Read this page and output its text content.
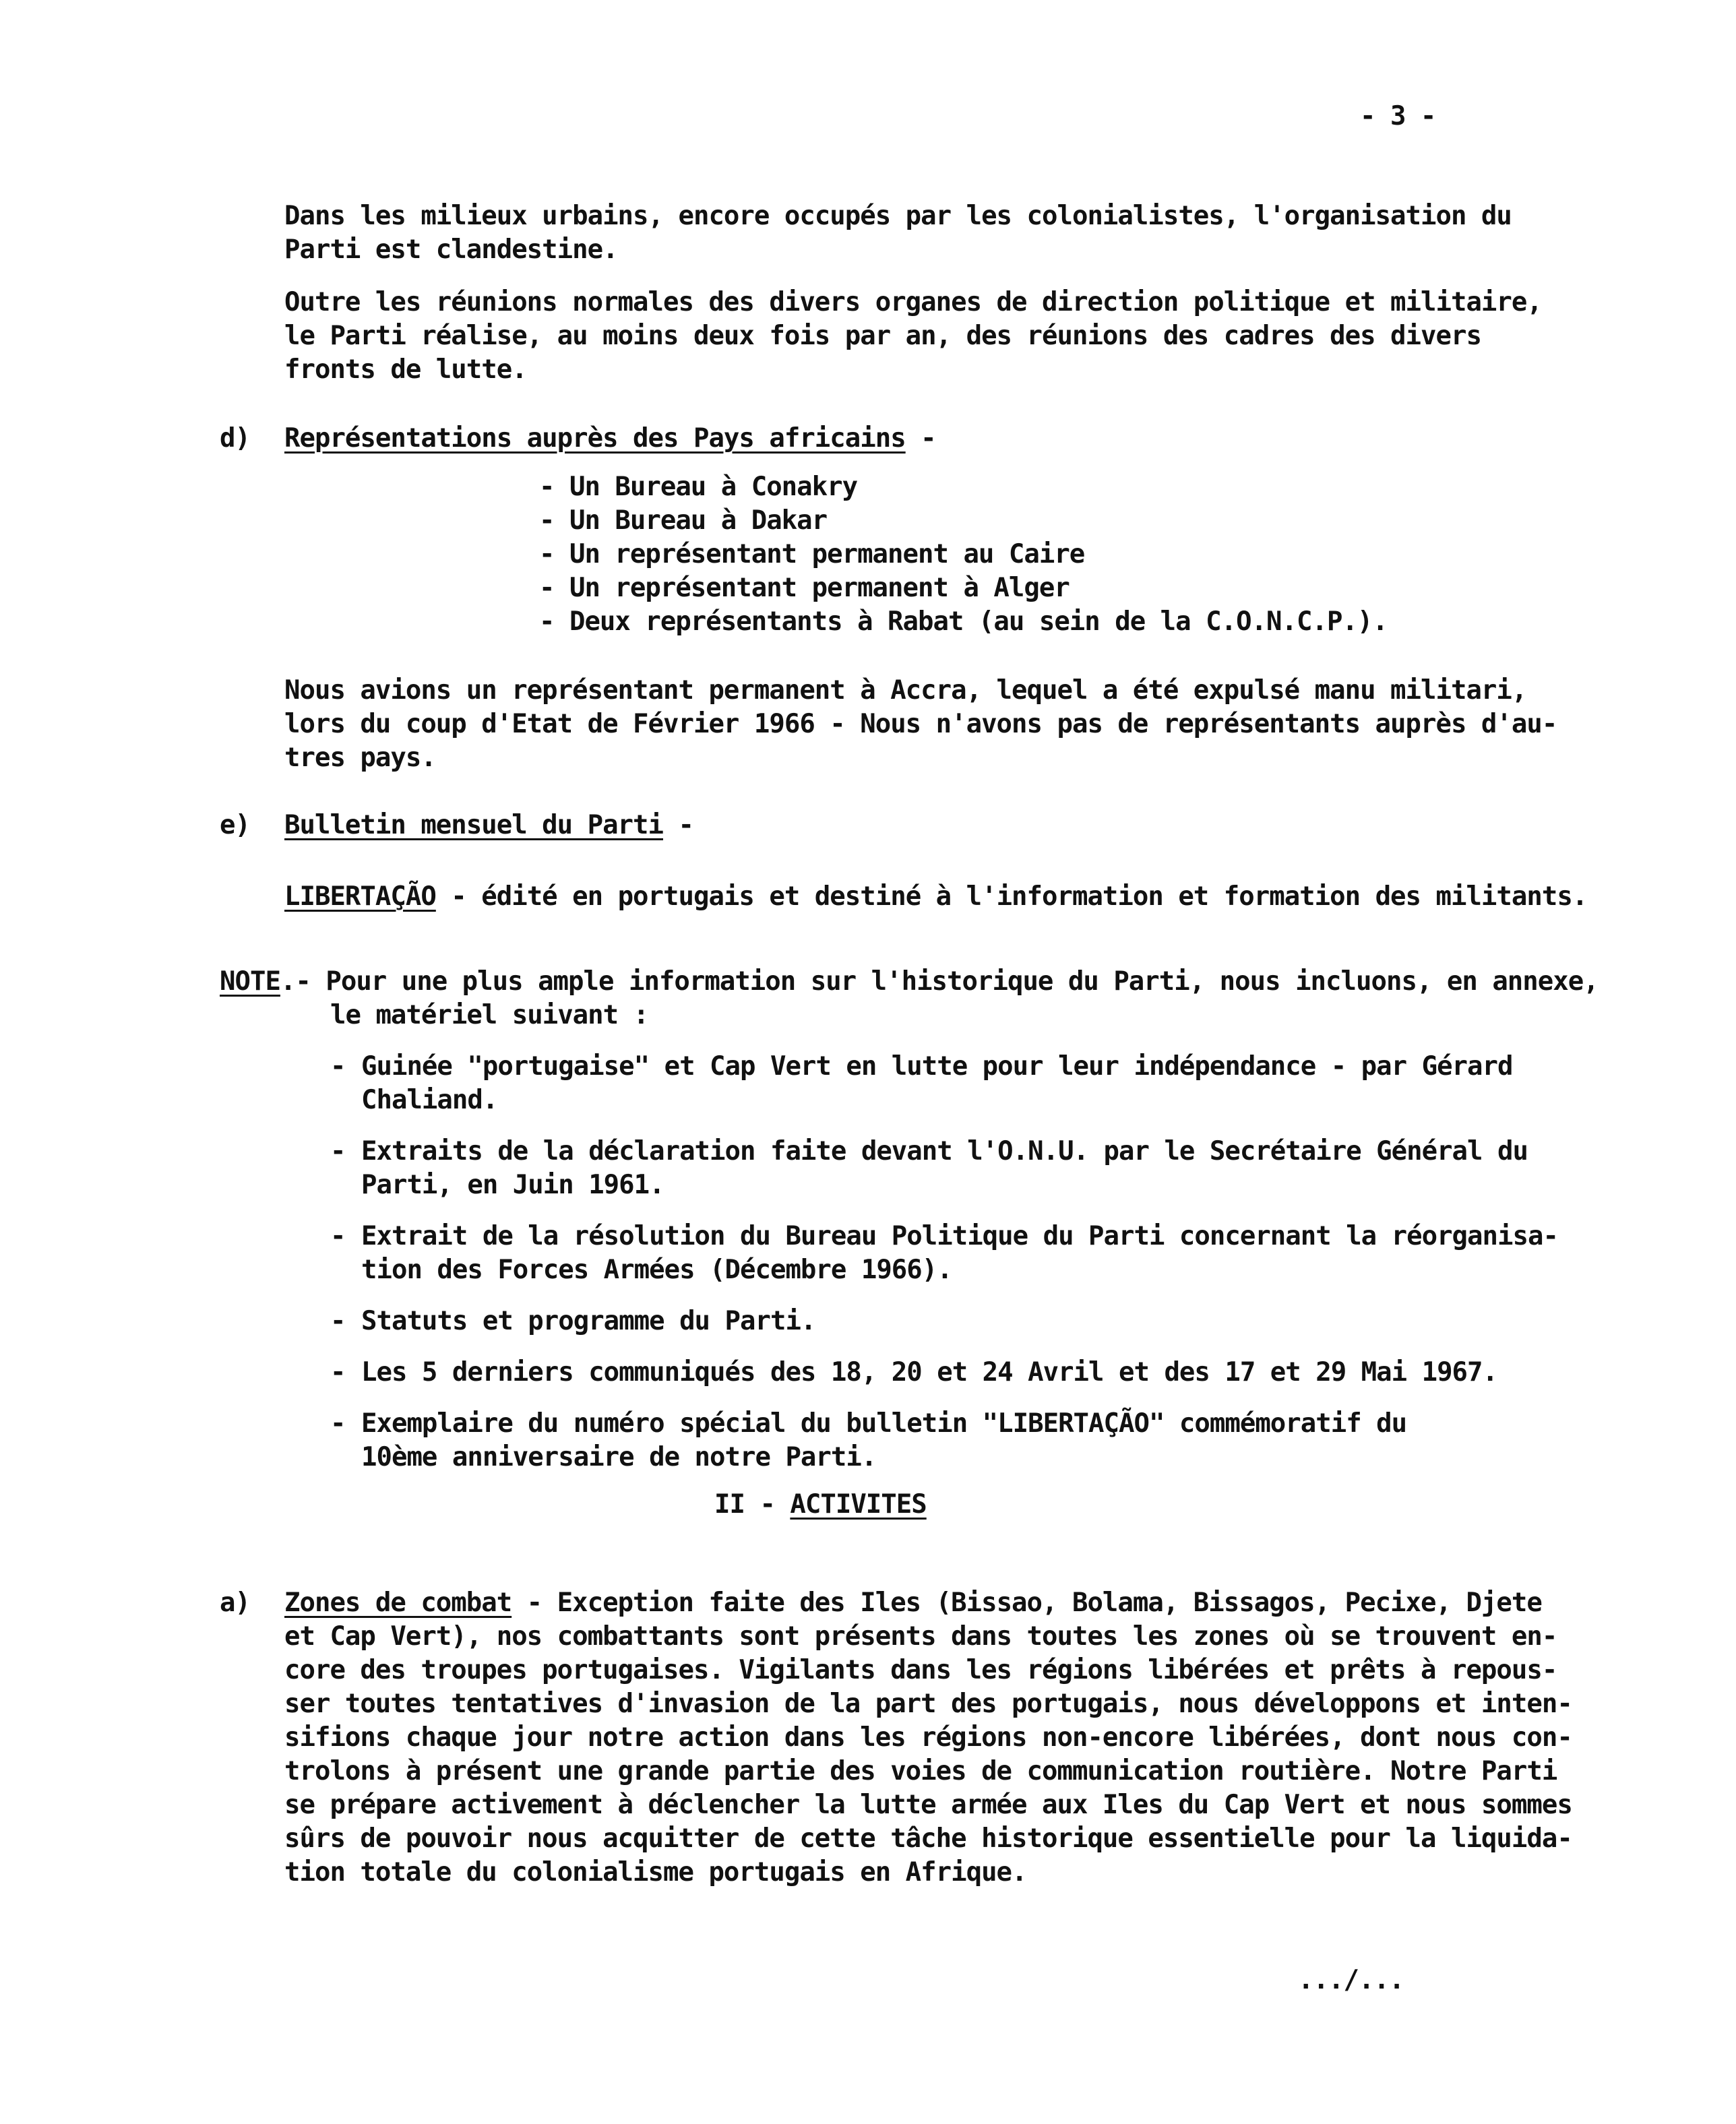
- 3 -
Dans les milieux urbains, encore occupés par les colonialistes, l'organisation du
Parti est clandestine.
Outre les réunions normales des divers organes de direction politique et militaire,
le Parti réalise, au moins deux fois par an, des réunions des cadres des divers
fronts de lutte.
d) Représentations auprès des Pays africains -
- Un Bureau à Conakry
- Un Bureau à Dakar
- Un représentant permanent au Caire
- Un représentant permanent à Alger
- Deux représentants à Rabat (au sein de la C.O.N.C.P.).
Nous avions un représentant permanent à Accra, lequel a été expulsé manu militari,
lors du coup d'Etat de Février 1966 - Nous n'avons pas de représentants auprès d'au-
tres pays.
e) Bulletin mensuel du Parti -
LIBERTAÇÃO - édité en portugais et destiné à l'information et formation des militants.
NOTE.- Pour une plus ample information sur l'historique du Parti, nous incluons, en annexe,
le matériel suivant :
- Guinée "portugaise" et Cap Vert en lutte pour leur indépendance - par Gérard
Chaliand.
- Extraits de la déclaration faite devant l'O.N.U. par le Secrétaire Général du
Parti, en Juin 1961.
- Extrait de la résolution du Bureau Politique du Parti concernant la réorganisa-
tion des Forces Armées (Décembre 1966).
- Statuts et programme du Parti.
- Les 5 derniers communiqués des 18, 20 et 24 Avril et des 17 et 29 Mai 1967.
- Exemplaire du numéro spécial du bulletin "LIBERTAÇÃO" commémoratif du
10ème anniversaire de notre Parti.
II - ACTIVITES
a) Zones de combat - Exception faite des Iles (Bissao, Bolama, Bissagos, Pecixe, Djete
et Cap Vert), nos combattants sont présents dans toutes les zones où se trouvent en-
core des troupes portugaises. Vigilants dans les régions libérées et prêts à repous-
ser toutes tentatives d'invasion de la part des portugais, nous développons et inten-
sifions chaque jour notre action dans les régions non-encore libérées, dont nous con-
trolons à présent une grande partie des voies de communication routière. Notre Parti
se prépare activement à déclencher la lutte armée aux Iles du Cap Vert et nous sommes
sûrs de pouvoir nous acquitter de cette tâche historique essentielle pour la liquida-
tion totale du colonialisme portugais en Afrique.
.../...
